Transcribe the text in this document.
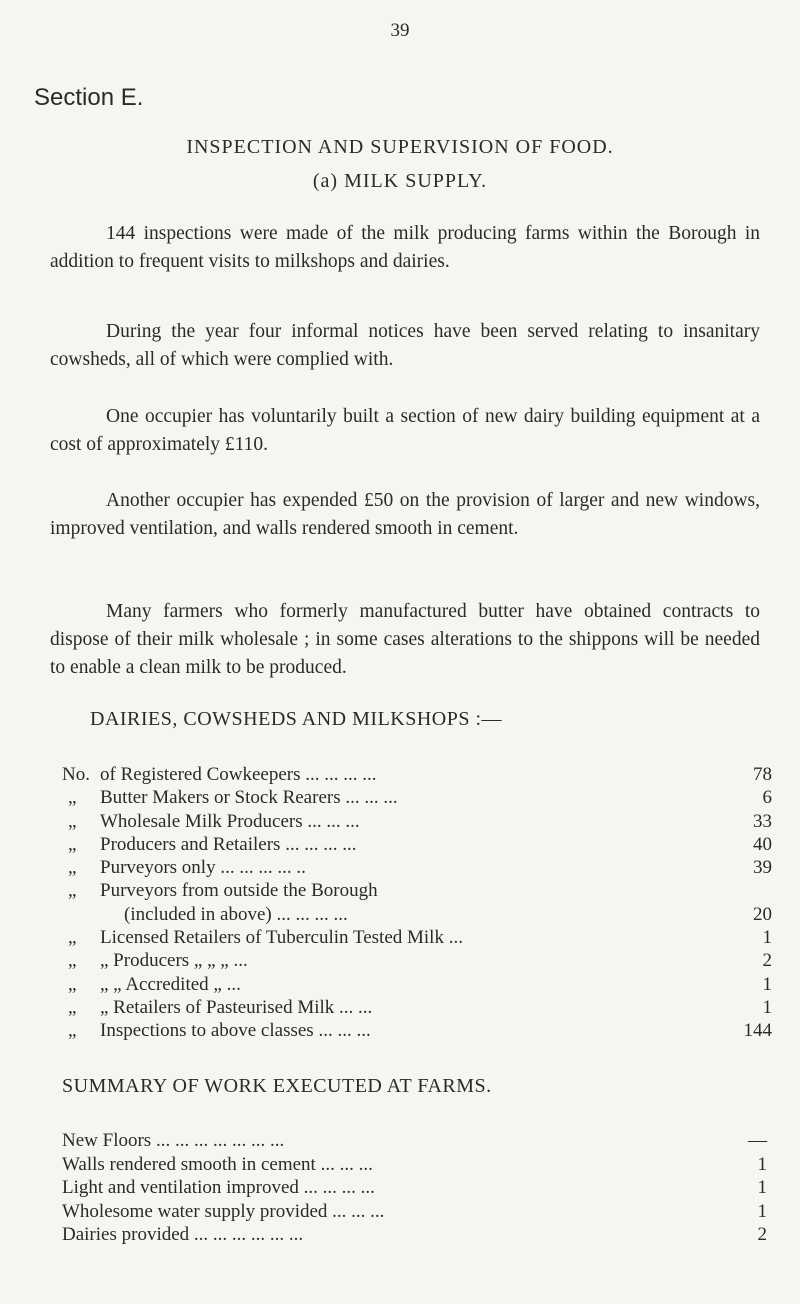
39
Section E.
INSPECTION AND SUPERVISION OF FOOD.
(a) MILK SUPPLY.

144 inspections were made of the milk producing farms within the Borough in addition to frequent visits to milkshops and dairies.

During the year four informal notices have been served relating to insanitary cowsheds, all of which were complied with.

One occupier has voluntarily built a section of new dairy building equipment at a cost of approximately £110.

Another occupier has expended £50 on the provision of larger and new windows, improved ventilation, and walls rendered smooth in cement.

Many farmers who formerly manufactured butter have obtained contracts to dispose of their milk wholesale ; in some cases alterations to the shippons will be needed to enable a clean milk to be produced.

DAIRIES, COWSHEDS AND MILKSHOPS :—
No. of Registered Cowkeepers ... ... ... ...	78
„	Butter Makers or Stock Rearers ... ... ...	6
„	Wholesale Milk Producers ... ... ...	33
„	Producers and Retailers ... ... ... ...	40
„	Purveyors only ... ... ... ... ..	39
„	Purveyors from outside the Borough
(included in above) ... ... ... ...	20
„	Licensed Retailers of Tuberculin Tested Milk ...	1
„	„ Producers „ „ „ ...	2
„	„ „ Accredited „ ...	1
„	„ Retailers of Pasteurised Milk ... ...	1
„	Inspections to above classes ... ... ...	144
SUMMARY OF WORK EXECUTED AT FARMS.
New Floors ... ... ... ... ... ... ...	—
Walls rendered smooth in cement ... ... ...	1
Light and ventilation improved ... ... ... ...	1
Wholesome water supply provided ... ... ...	1
Dairies provided ... ... ... ... ... ...	2
